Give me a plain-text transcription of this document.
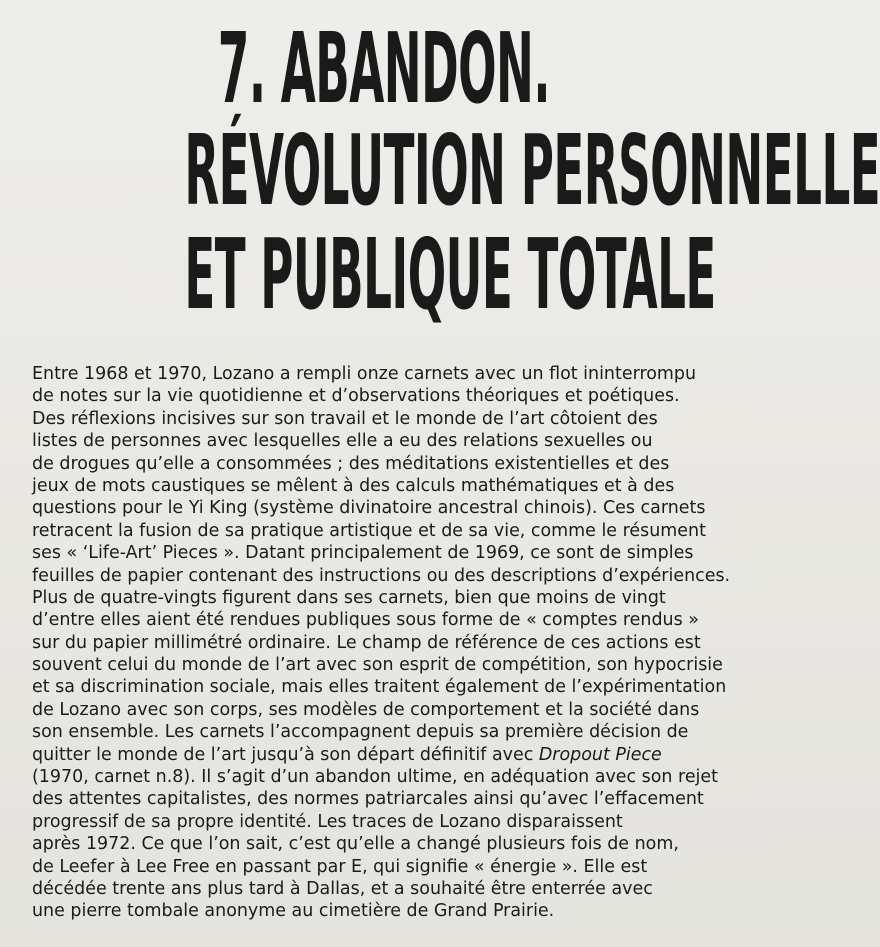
7. ABANDON.
RÉVOLUTION PERSONNELLE
ET PUBLIQUE TOTALE
Entre 1968 et 1970, Lozano a rempli onze carnets avec un flot ininterrompu
de notes sur la vie quotidienne et d’observations théoriques et poétiques.
Des réflexions incisives sur son travail et le monde de l’art côtoient des
listes de personnes avec lesquelles elle a eu des relations sexuelles ou
de drogues qu’elle a consommées ; des méditations existentielles et des
jeux de mots caustiques se mêlent à des calculs mathématiques et à des
questions pour le Yi King (système divinatoire ancestral chinois). Ces carnets
retracent la fusion de sa pratique artistique et de sa vie, comme le résument
ses « ‘Life-Art’ Pieces ». Datant principalement de 1969, ce sont de simples
feuilles de papier contenant des instructions ou des descriptions d’expériences.
Plus de quatre-vingts figurent dans ses carnets, bien que moins de vingt
d’entre elles aient été rendues publiques sous forme de « comptes rendus »
sur du papier millimétré ordinaire. Le champ de référence de ces actions est
souvent celui du monde de l’art avec son esprit de compétition, son hypocrisie
et sa discrimination sociale, mais elles traitent également de l’expérimentation
de Lozano avec son corps, ses modèles de comportement et la société dans
son ensemble. Les carnets l’accompagnent depuis sa première décision de
quitter le monde de l’art jusqu’à son départ définitif avec Dropout Piece
(1970, carnet n.8). Il s’agit d’un abandon ultime, en adéquation avec son rejet
des attentes capitalistes, des normes patriarcales ainsi qu’avec l’effacement
progressif de sa propre identité. Les traces de Lozano disparaissent
après 1972. Ce que l’on sait, c’est qu’elle a changé plusieurs fois de nom,
de Leefer à Lee Free en passant par E, qui signifie « énergie ». Elle est
décédée trente ans plus tard à Dallas, et a souhaité être enterrée avec
une pierre tombale anonyme au cimetière de Grand Prairie.
